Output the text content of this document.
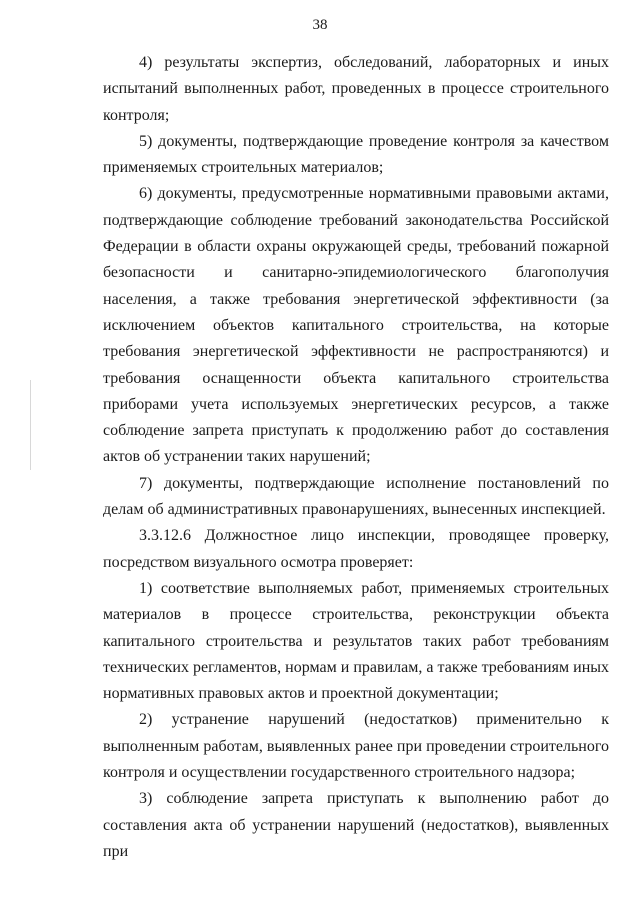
38

4) результаты экспертиз, обследований, лабораторных и иных испытаний выполненных работ, проведенных в процессе строительного контроля;

5) документы, подтверждающие проведение контроля за качеством применяемых строительных материалов;

6) документы, предусмотренные нормативными правовыми актами, подтверждающие соблюдение требований законодательства Российской Федерации в области охраны окружающей среды, требований пожарной безопасности и санитарно-эпидемиологического благополучия населения, а также требования энергетической эффективности (за исключением объектов капитального строительства, на которые требования энергетической эффективности не распространяются) и требования оснащенности объекта капитального строительства приборами учета используемых энергетических ресурсов, а также соблюдение запрета приступать к продолжению работ до составления актов об устранении таких нарушений;

7) документы, подтверждающие исполнение постановлений по делам об административных правонарушениях, вынесенных инспекцией.

3.3.12.6 Должностное лицо инспекции, проводящее проверку, посредством визуального осмотра проверяет:

1) соответствие выполняемых работ, применяемых строительных материалов в процессе строительства, реконструкции объекта капитального строительства и результатов таких работ требованиям технических регламентов, нормам и правилам, а также требованиям иных нормативных правовых актов и проектной документации;

2) устранение нарушений (недостатков) применительно к выполненным работам, выявленных ранее при проведении строительного контроля и осуществлении государственного строительного надзора;

3) соблюдение запрета приступать к выполнению работ до составления акта об устранении нарушений (недостатков), выявленных при
